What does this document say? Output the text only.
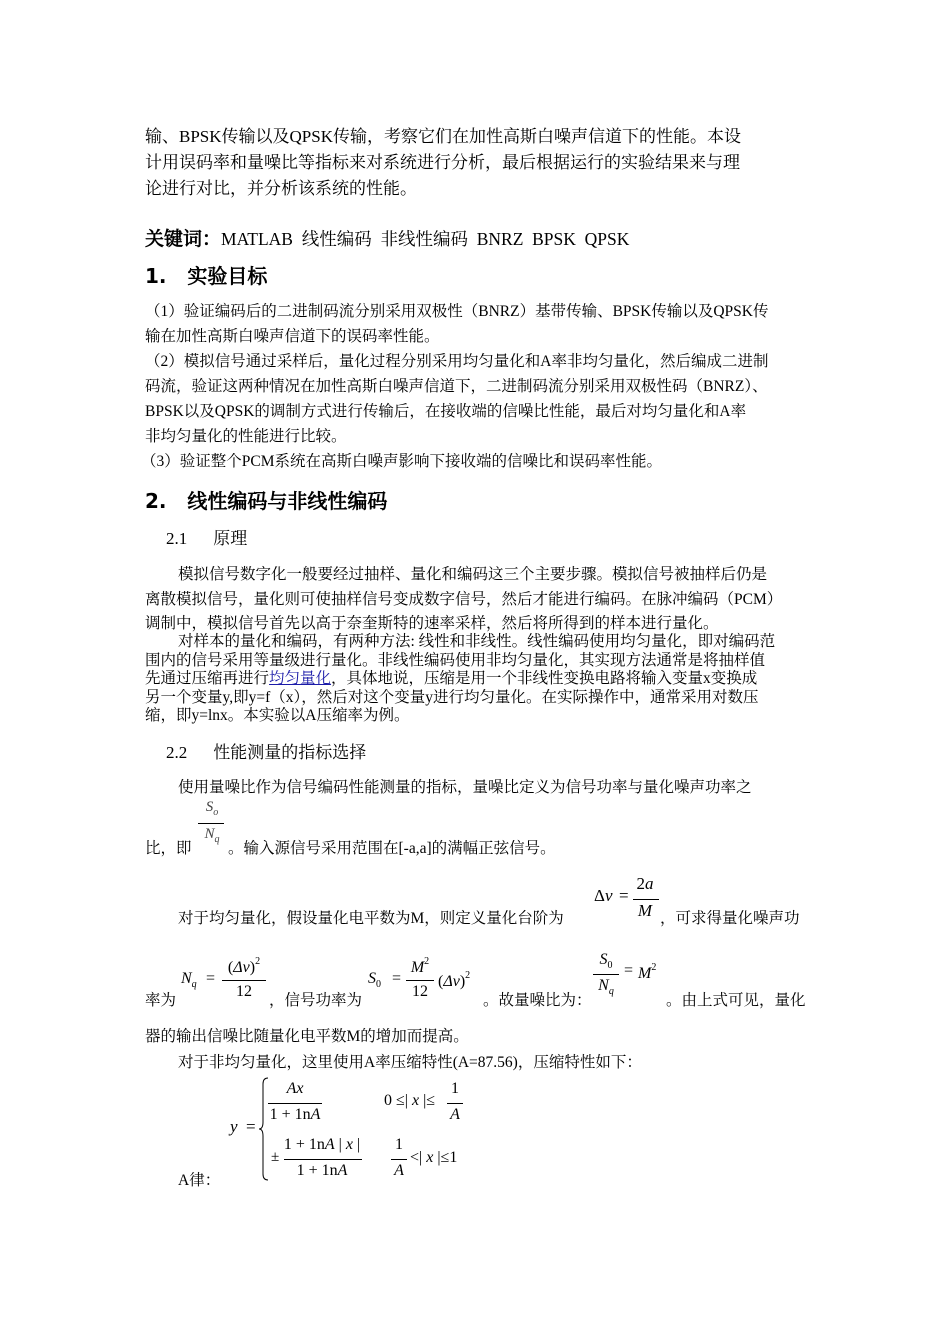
输、BPSK传输以及QPSK传输，考察它们在加性高斯白噪声信道下的性能。本设
计用误码率和量噪比等指标来对系统进行分析，最后根据运行的实验结果来与理
论进行对比，并分析该系统的性能。
关键词：MATLAB  线性编码  非线性编码  BNRZ  BPSK  QPSK
1.   实验目标
（1）验证编码后的二进制码流分别采用双极性（BNRZ）基带传输、BPSK传输以及QPSK传
输在加性高斯白噪声信道下的误码率性能。
（2）模拟信号通过采样后，量化过程分别采用均匀量化和A率非均匀量化，然后编成二进制
码流，验证这两种情况在加性高斯白噪声信道下，二进制码流分别采用双极性码（BNRZ）、
BPSK以及QPSK的调制方式进行传输后，在接收端的信噪比性能，最后对均匀量化和A率
非均匀量化的性能进行比较。
（3）验证整个PCM系统在高斯白噪声影响下接收端的信噪比和误码率性能。
2.   线性编码与非线性编码
2.1 原理
模拟信号数字化一般要经过抽样、量化和编码这三个主要步骤。模拟信号被抽样后仍是
离散模拟信号，量化则可使抽样信号变成数字信号，然后才能进行编码。在脉冲编码（PCM）
调制中，模拟信号首先以高于奈奎斯特的速率采样，然后将所得到的样本进行量化。
对样本的量化和编码，有两种方法: 线性和非线性。线性编码使用均匀量化，即对编码范
围内的信号采用等量级进行量化。非线性编码使用非均匀量化，其实现方法通常是将抽样值
先通过压缩再进行均匀量化，具体地说，压缩是用一个非线性变换电路将输入变量x变换成
另一个变量y,即y=f（x），然后对这个变量y进行均匀量化。在实际操作中，通常采用对数压
缩，即y=lnx。本实验以A压缩率为例。
2.2 性能测量的指标选择
使用量噪比作为信号编码性能测量的指标，量噪比定义为信号功率与量化噪声功率之
$S_o$
$N_q$
比，即 。输入源信号采用范围在[-a,a]的满幅正弦信号。
Δv =
2a
M
对于均匀量化，假设量化电平数为M，则定义量化台阶为	，可求得量化噪声功
$N_q$ =
$(\Delta v)^2$
12
$S_0$ =
$M^2$
12
$(\Delta v)^2$
$S_0$
$N_q$
= $M^2$
率为	，信号功率为	。故量噪比为：	。由上式可见，量化
器的输出信噪比随量化电平数M的增加而提高。
对于非均匀量化，这里使用A率压缩特性(A=87.56)，压缩特性如下：
y =
Ax
1 + 1nA
0 ≤| x |≤
1
A
±
1 + 1nA | x |
1 + 1nA
1
A
<| x |≤1
A律：
